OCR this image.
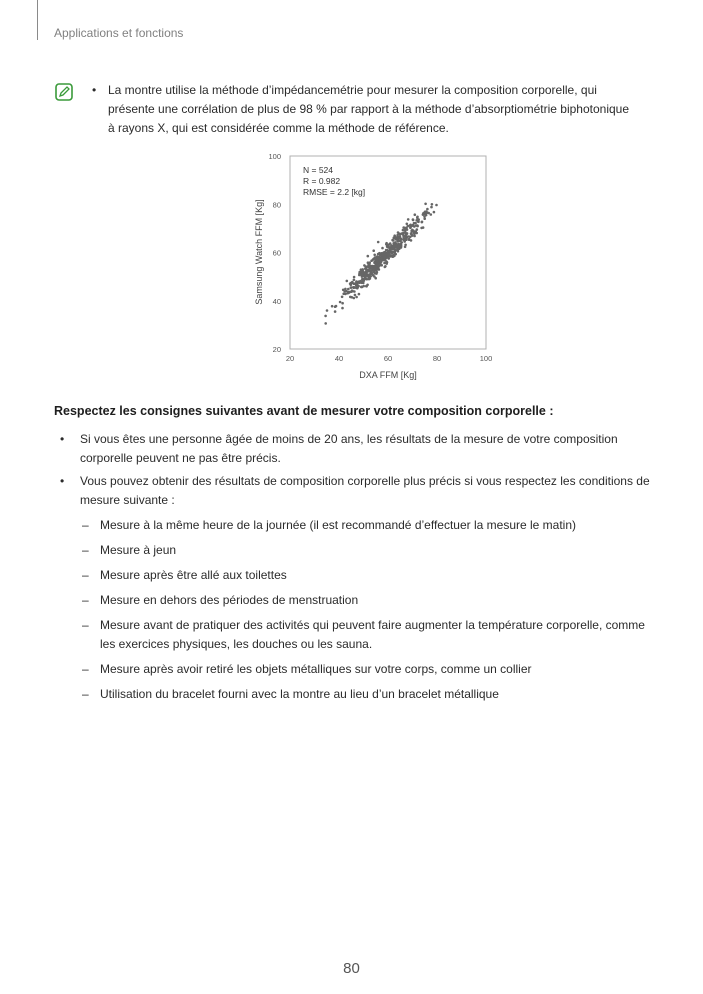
Applications et fonctions
• La montre utilise la méthode d’impédancemétrie pour mesurer la composition corporelle, qui présente une corrélation de plus de 98 % par rapport à la méthode d’absorptiométrie biphotonique à rayons X, qui est considérée comme la méthode de référence.
20
40
60
80
100
20	40	60	80	100
N = 524
R = 0.982
RMSE = 2.2 [kg]
DXA FFM [Kg]
Samsung Watch FFM [Kg]
Respectez les consignes suivantes avant de mesurer votre composition corporelle :
• Si vous êtes une personne âgée de moins de 20 ans, les résultats de la mesure de votre composition corporelle peuvent ne pas être précis.
• Vous pouvez obtenir des résultats de composition corporelle plus précis si vous respectez les conditions de mesure suivante :
– Mesure à la même heure de la journée (il est recommandé d’effectuer la mesure le matin)
– Mesure à jeun
– Mesure après être allé aux toilettes
– Mesure en dehors des périodes de menstruation
– Mesure avant de pratiquer des activités qui peuvent faire augmenter la température corporelle, comme les exercices physiques, les douches ou les sauna.
– Mesure après avoir retiré les objets métalliques sur votre corps, comme un collier
– Utilisation du bracelet fourni avec la montre au lieu d’un bracelet métallique
80
